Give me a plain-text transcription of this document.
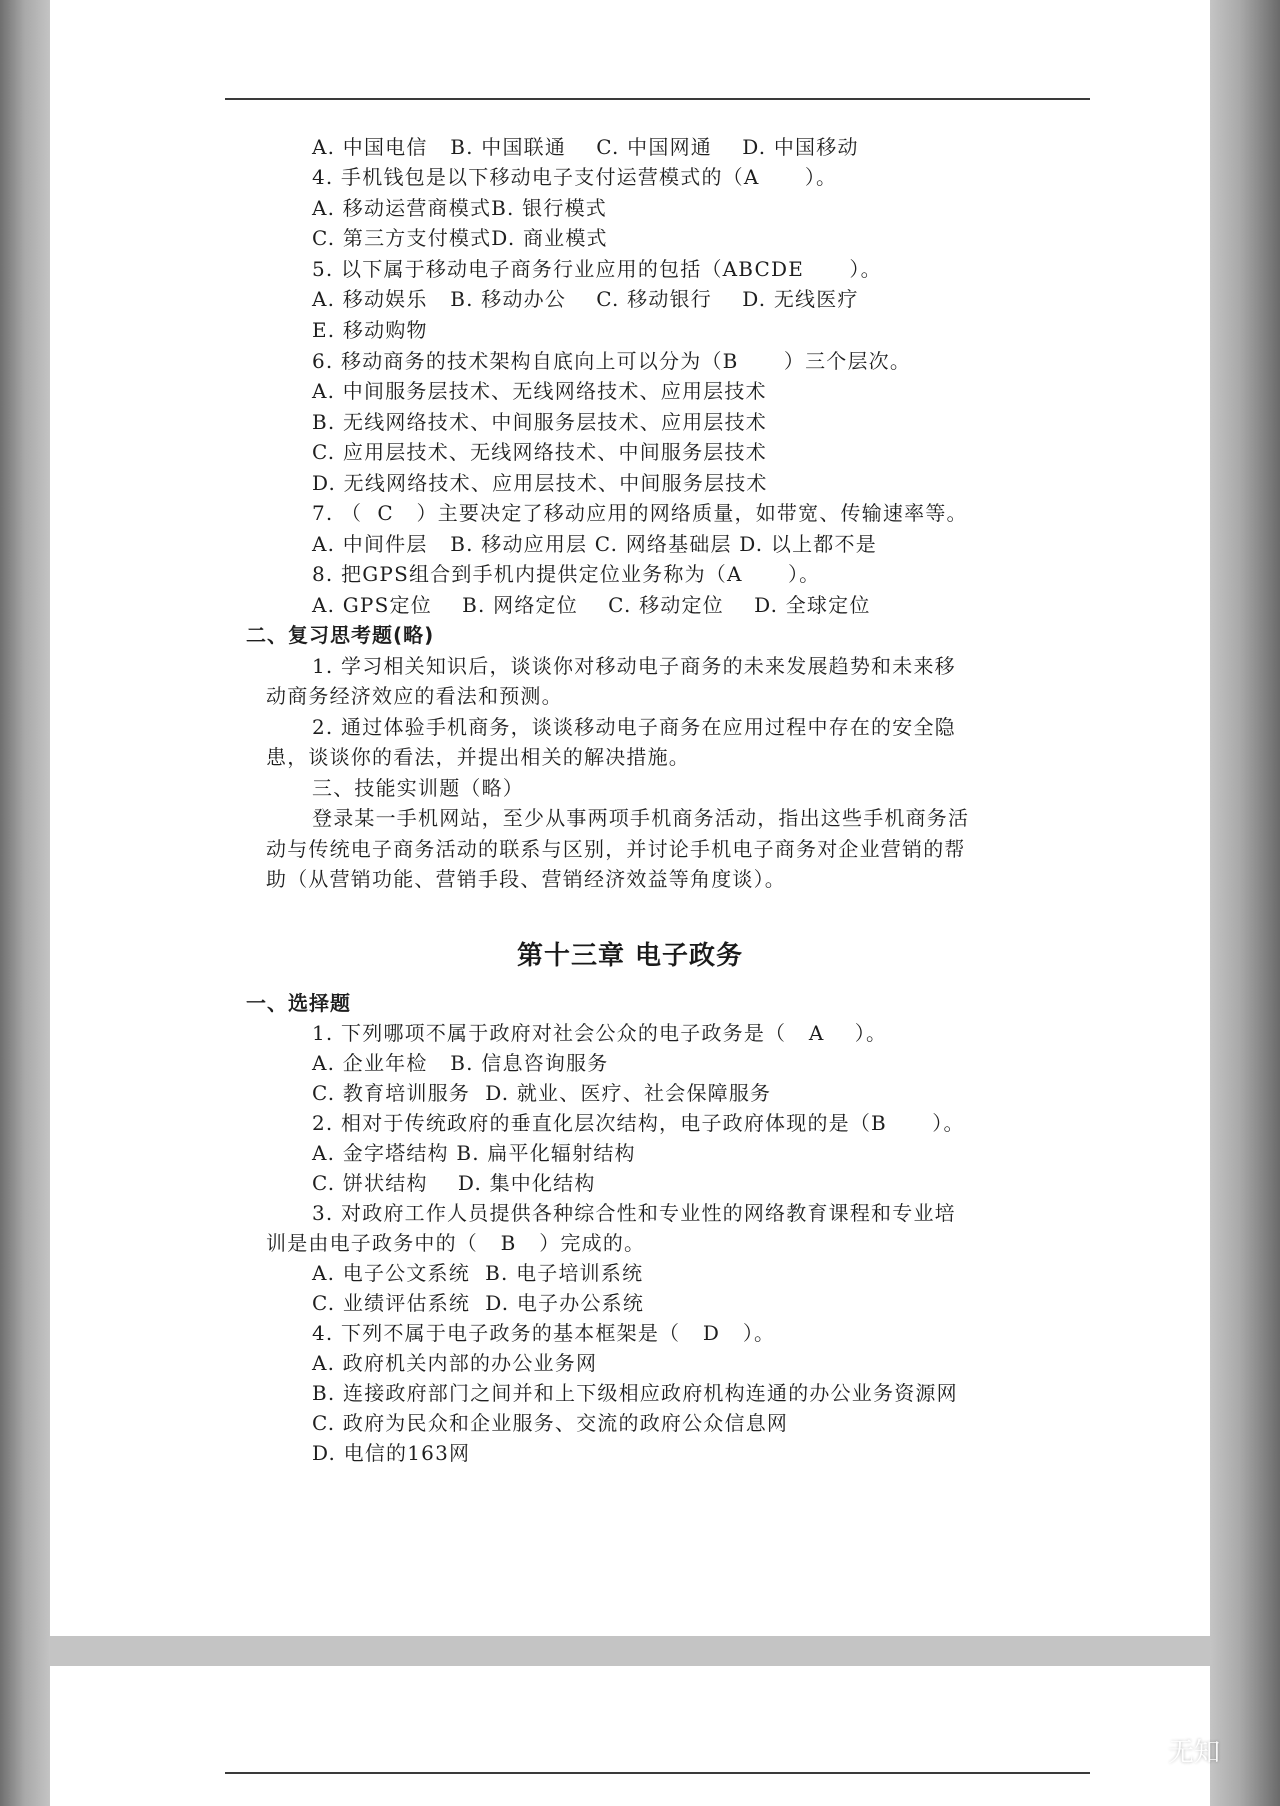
A. 中国电信   B. 中国联通    C. 中国网通    D. 中国移动
4. 手机钱包是以下移动电子支付运营模式的（A      ）。
A. 移动运营商模式B. 银行模式
C. 第三方支付模式D. 商业模式
5. 以下属于移动电子商务行业应用的包括（ABCDE      ）。
A. 移动娱乐   B. 移动办公    C. 移动银行    D. 无线医疗
E. 移动购物
6. 移动商务的技术架构自底向上可以分为（B      ）三个层次。
A. 中间服务层技术、无线网络技术、应用层技术
B. 无线网络技术、中间服务层技术、应用层技术
C. 应用层技术、无线网络技术、中间服务层技术
D. 无线网络技术、应用层技术、中间服务层技术
7. （  C   ）主要决定了移动应用的网络质量，如带宽、传输速率等。
A. 中间件层   B. 移动应用层 C. 网络基础层 D. 以上都不是
8. 把GPS组合到手机内提供定位业务称为（A      ）。
A. GPS定位    B. 网络定位    C. 移动定位    D. 全球定位
二、复习思考题(略)
1. 学习相关知识后，谈谈你对移动电子商务的未来发展趋势和未来移
动商务经济效应的看法和预测。
2. 通过体验手机商务，谈谈移动电子商务在应用过程中存在的安全隐
患，谈谈你的看法，并提出相关的解决措施。
三、技能实训题（略）
登录某一手机网站，至少从事两项手机商务活动，指出这些手机商务活
动与传统电子商务活动的联系与区别，并讨论手机电子商务对企业营销的帮
助（从营销功能、营销手段、营销经济效益等角度谈）。
第十三章 电子政务
一、选择题
1. 下列哪项不属于政府对社会公众的电子政务是（   A    ）。
A. 企业年检   B. 信息咨询服务
C. 教育培训服务  D. 就业、医疗、社会保障服务
2. 相对于传统政府的垂直化层次结构，电子政府体现的是（B      ）。
A. 金字塔结构 B. 扁平化辐射结构
C. 饼状结构    D. 集中化结构
3. 对政府工作人员提供各种综合性和专业性的网络教育课程和专业培
训是由电子政务中的（   B   ）完成的。
A. 电子公文系统  B. 电子培训系统
C. 业绩评估系统  D. 电子办公系统
4. 下列不属于电子政务的基本框架是（   D   ）。
A. 政府机关内部的办公业务网
B. 连接政府部门之间并和上下级相应政府机构连通的办公业务资源网
C. 政府为民众和企业服务、交流的政府公众信息网
D. 电信的163网
无知
